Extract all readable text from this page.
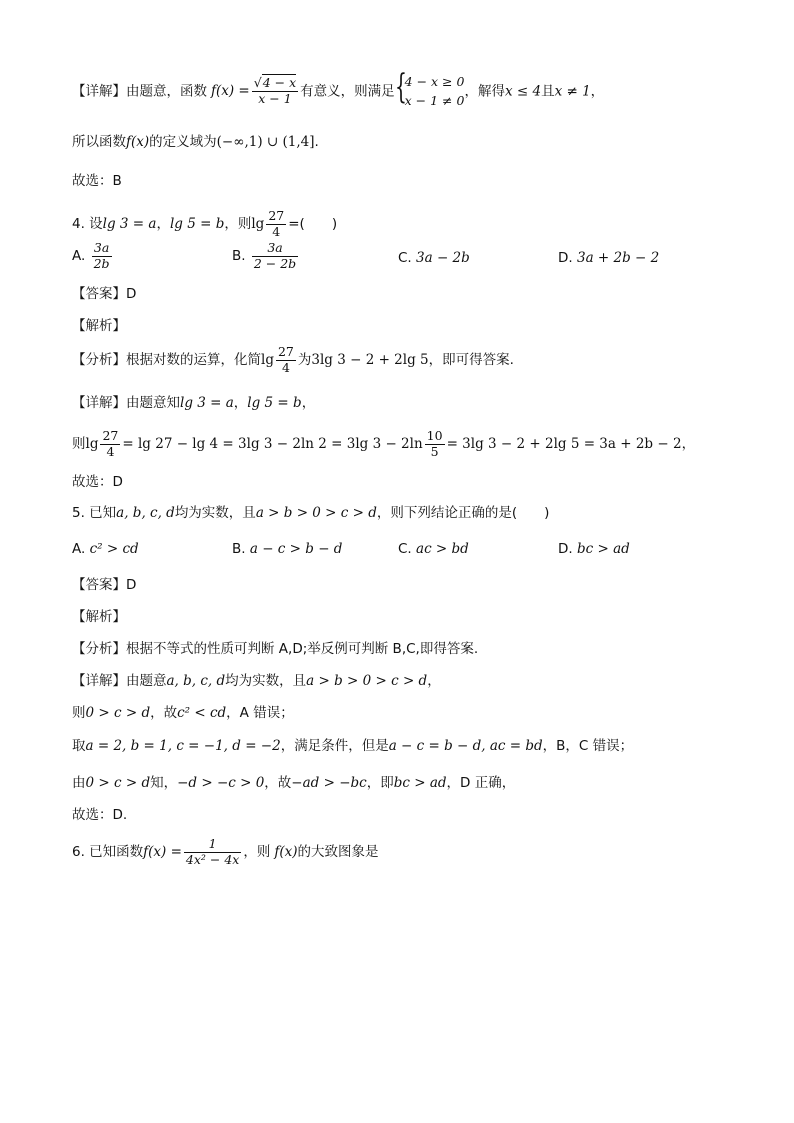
【详解】由题意，函数 $f(x) = \frac{√4 - x}{x - 1}$ 有意义，则满足 {
4 − x ≥ 0
x − 1 ≠ 0
，解得x ≤ 4且x ≠ 1，
所以函数f(x)的定义域为(−∞,1) ∪ (1,4].
故选：B
4. 设lg 3 = a，lg 5 = b，则$\lg \frac{27}{4}$ =(　　)
A. $\frac{3a}{2b}$	B. $\frac{3a}{2 - 2b}$	C. 3a − 2b	D. 3a + 2b − 2
【答案】D
【解析】
【分析】根据对数的运算，化简$\lg \frac{27}{4}$ 为3lg 3 − 2 + 2lg 5，即可得答案.
【详解】由题意知lg 3 = a，lg 5 = b，
则$\lg \frac{27}{4} = \lg 27 - \lg 4 = 3\lg$ 3 − 2ln 2 = 3lg $3 - 2\ln \frac{10}{5} = 3\lg$ 3 − 2 + 2lg 5 = 3a + 2b − 2，
故选：D
5. 已知a, b, c, d均为实数，且a > b > 0 > c > d，则下列结论正确的是(　　)
A. c² > cd	B. a − c > b − d	C. ac > bd	D. bc > ad
【答案】D
【解析】
【分析】根据不等式的性质可判断 A,D;举反例可判断 B,C,即得答案.
【详解】由题意a, b, c, d均为实数，且a > b > 0 > c > d，
则0 > c > d，故c² < cd，A 错误；
取a = 2, b = 1, c = −1, d = −2，满足条件，但是a − c = b − d, ac = bd，B，C 错误；
由0 > c > d知，−d > −c > 0，故−ad > −bc，即bc > ad，D 正确，
故选：D.
6. 已知函数$f(x) = \frac{1}{\text{4x² − 4x}}$ ，则 f(x)的大致图象是
